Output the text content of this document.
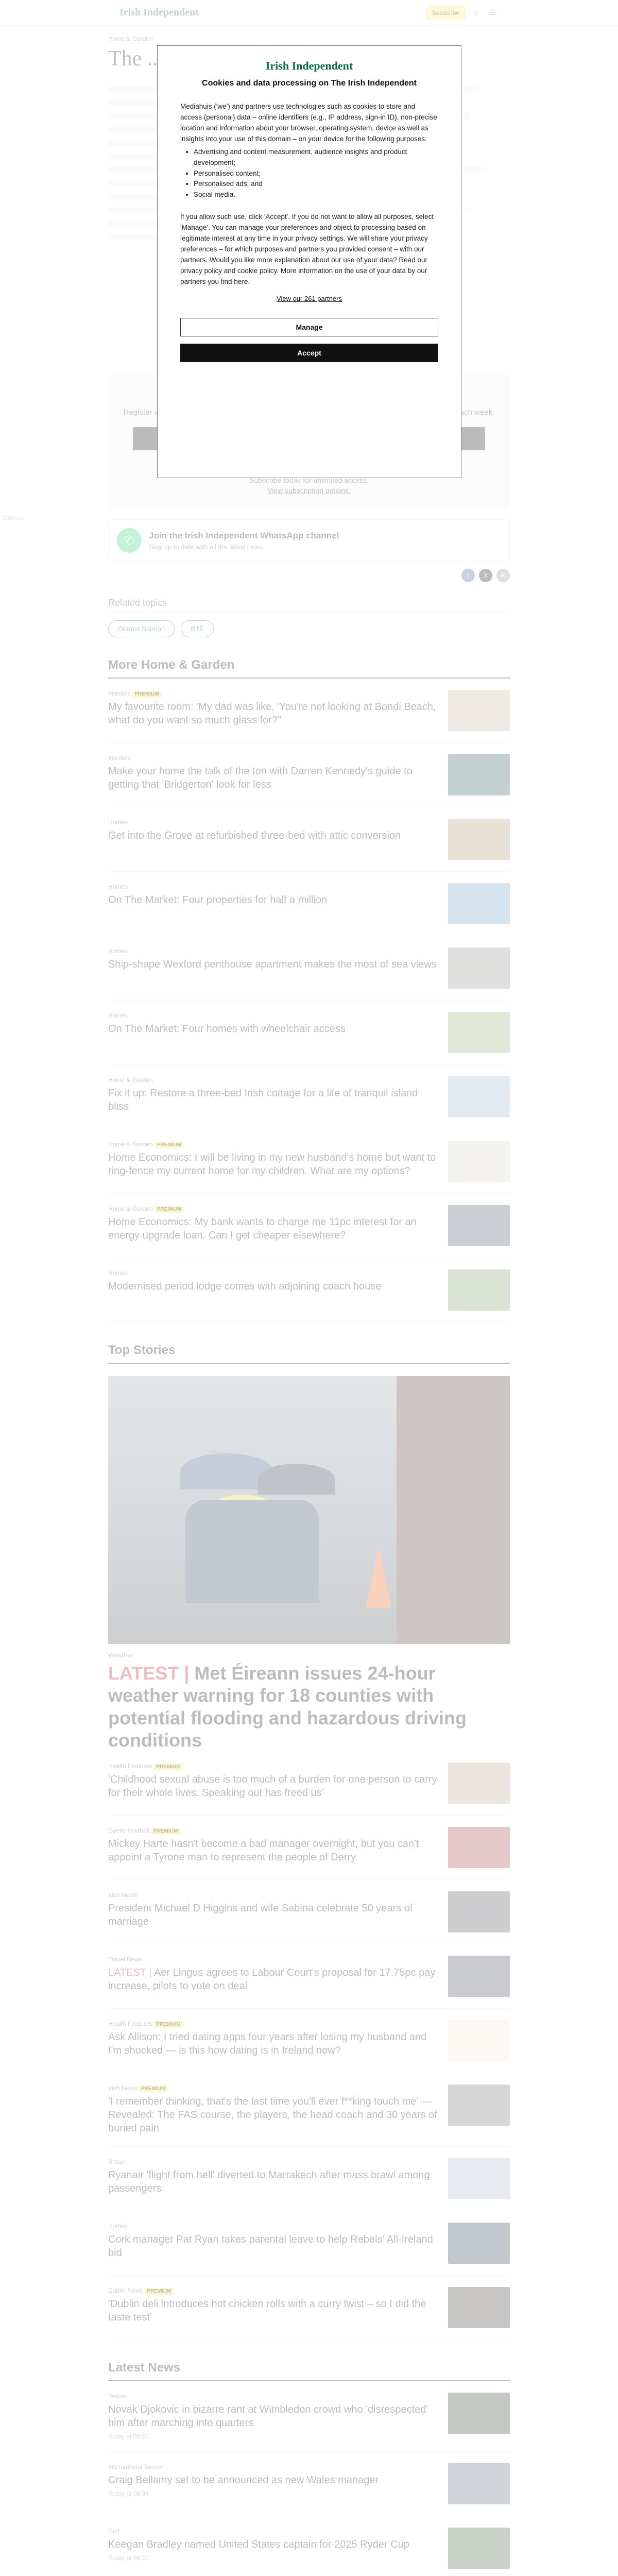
Irish Independent
Cookies and data processing on The Irish Independent
Mediahuis ('we') and partners use technologies such as cookies to store and access (personal) data – online identifiers (e.g., IP address, sign-in ID), non-precise location and information about your browser, operating system, device as well as insights into your use of this domain – on your device for the following purposes:
• Advertising and content measurement, audience insights and product development;
• Personalised content;
• Personalised ads; and
• Social media.
If you allow such use, click 'Accept'. If you do not want to allow all purposes, select 'Manage'. You can manage your preferences and object to processing based on legitimate interest at any time in your privacy settings. We will share your privacy preferences – for which purposes and partners you provided consent – with our partners. Would you like more explanation about our use of your data? Read our privacy policy and cookie policy. More information on the use of your data by our partners you find here.
View our 261 partners
Manage
Accept
